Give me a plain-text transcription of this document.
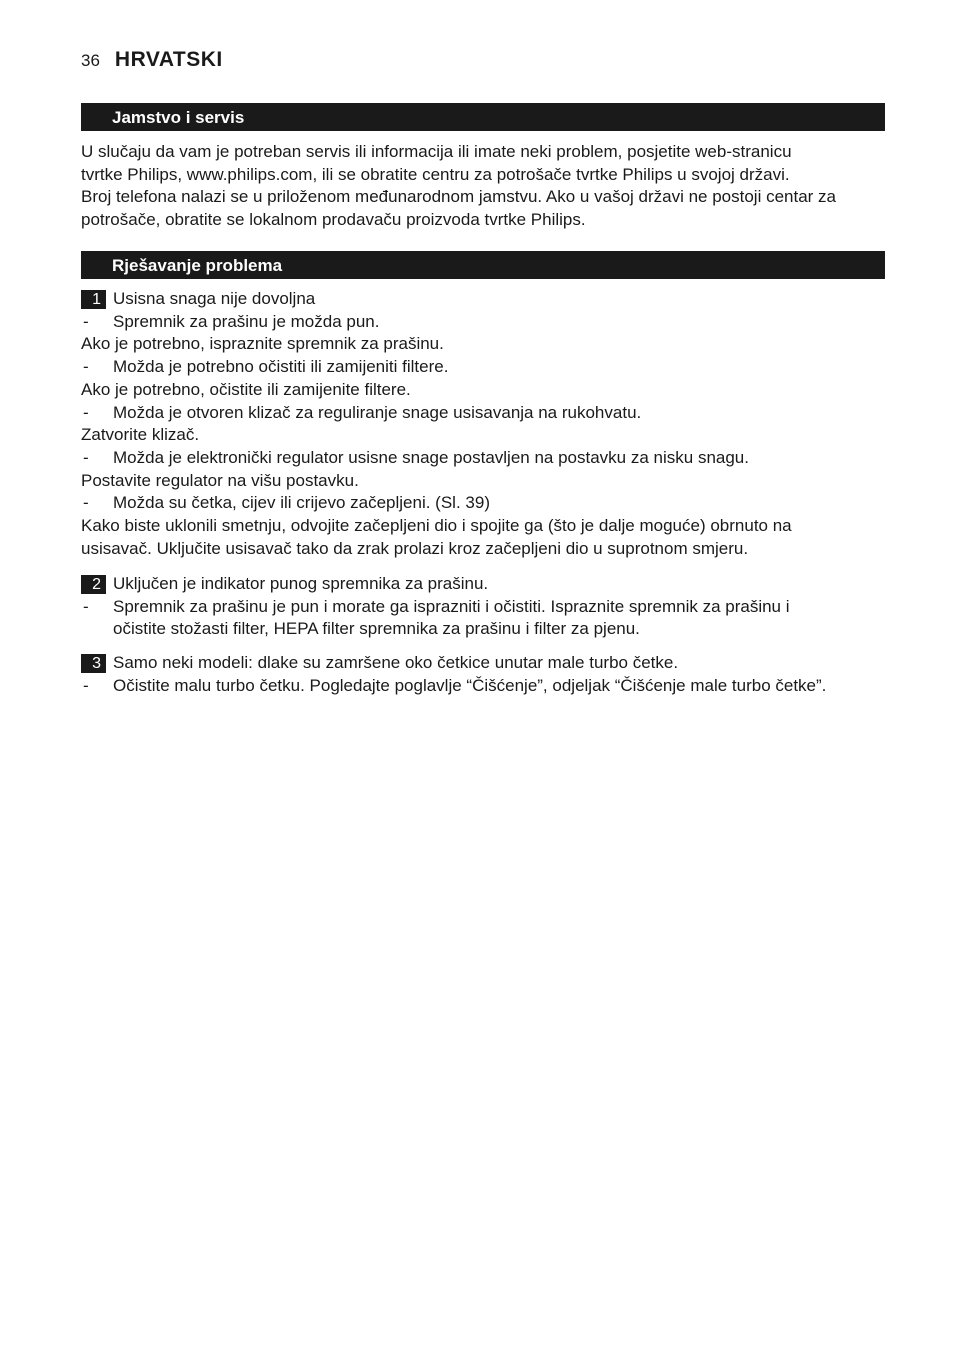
36 HRVATSKI
Jamstvo i servis
U slučaju da vam je potreban servis ili informacija ili imate neki problem, posjetite web-stranicu
tvrtke Philips, www.philips.com, ili se obratite centru za potrošače tvrtke Philips u svojoj državi.
Broj telefona nalazi se u priloženom međunarodnom jamstvu. Ako u vašoj državi ne postoji centar za
potrošače, obratite se lokalnom prodavaču proizvoda tvrtke Philips.
Rješavanje problema
1 Usisna snaga nije dovoljna
-	Spremnik za prašinu je možda pun.
Ako je potrebno, ispraznite spremnik za prašinu.
-	Možda je potrebno očistiti ili zamijeniti filtere.
Ako je potrebno, očistite ili zamijenite filtere.
-	Možda je otvoren klizač za reguliranje snage usisavanja na rukohvatu.
Zatvorite klizač.
-	Možda je elektronički regulator usisne snage postavljen na postavku za nisku snagu.
Postavite regulator na višu postavku.
-	Možda su četka, cijev ili crijevo začepljeni. (Sl. 39)
Kako biste uklonili smetnju, odvojite začepljeni dio i spojite ga (što je dalje moguće) obrnuto na
usisavač. Uključite usisavač tako da zrak prolazi kroz začepljeni dio u suprotnom smjeru.
2 Uključen je indikator punog spremnika za prašinu.
-	Spremnik za prašinu je pun i morate ga isprazniti i očistiti. Ispraznite spremnik za prašinu i
očistite stožasti filter, HEPA filter spremnika za prašinu i filter za pjenu.
3 Samo neki modeli: dlake su zamršene oko četkice unutar male turbo četke.
-	Očistite malu turbo četku. Pogledajte poglavlje “Čišćenje”, odjeljak “Čišćenje male turbo četke”.
